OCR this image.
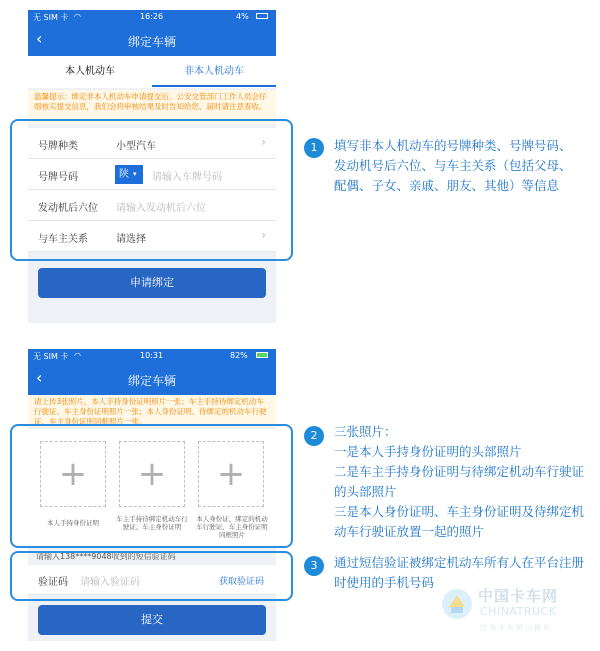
无 SIM 卡 ◠	16:26	4%
‹	绑定车辆
本人机动车	非本人机动车
温馨提示：绑定非本人机动车申请提交后，公安交管部门工作人员会仔细核实提交信息，我们会将审核结果及时告知给您，届时请注意查收。
号牌种类	小型汽车	›
号牌号码	陕 ▾ 请输入车牌号码
发动机后六位 请输入发动机后六位
与车主关系	请选择	›
申请绑定
无 SIM 卡 ◠	10:31	82%
‹	绑定车辆
请上传3张照片，本人手持身份证明照片一张；车主手持待绑定机动车行驶证、车主身份证明照片一张；本人身份证明、待绑定的机动车行驶证、车主身份证明同框照片一张。
+
本人手持身份证明
+
车主手持待绑定机动车行驶证、车主身份证明
+
本人身份证、绑定的机动车行驶证、车主身份证明同框照片
请输入138****9048收到的短信验证码
验证码 请输入验证码	获取验证码
提交
1	填写非本人机动车的号牌种类、号牌号码、发动机号后六位、与车主关系（包括父母、配偶、子女、亲戚、朋友、其他）等信息
2	三张照片：
一是本人手持身份证明的头部照片
二是车主手持身份证明与待绑定机动车行驶证的头部照片
三是本人身份证明、车主身份证明及待绑定机动车行驶证放置一起的照片
3	通过短信验证被绑定机动车所有人在平台注册时使用的手机号码
中国卡车网
CHINATRUCK
因为卡车所以精彩
